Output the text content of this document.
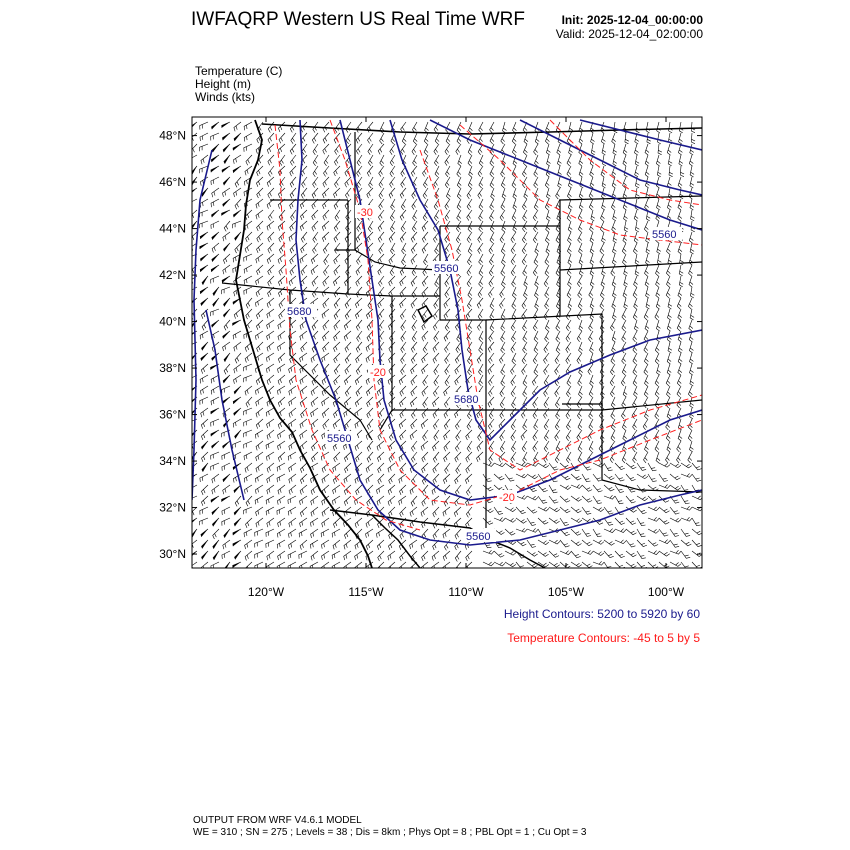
IWFAQRP Western US Real Time WRF	Init: 2025-12-04_00:00:00
Valid: 2025-12-04_02:00:00
Temperature (C)
Height (m)
Winds (kts)
5560
5560
5680
5680
5560
5560
-30
-20
-20
48°N
46°N
44°N
42°N
40°N
38°N
36°N
34°N
32°N
30°N
120°W	115°W	110°W	105°W	100°W
Height Contours: 5200 to 5920 by 60
Temperature Contours: -45 to 5 by 5
OUTPUT FROM WRF V4.6.1 MODEL
WE = 310 ; SN = 275 ; Levels = 38 ; Dis = 8km ; Phys Opt = 8 ; PBL Opt = 1 ; Cu Opt = 3
